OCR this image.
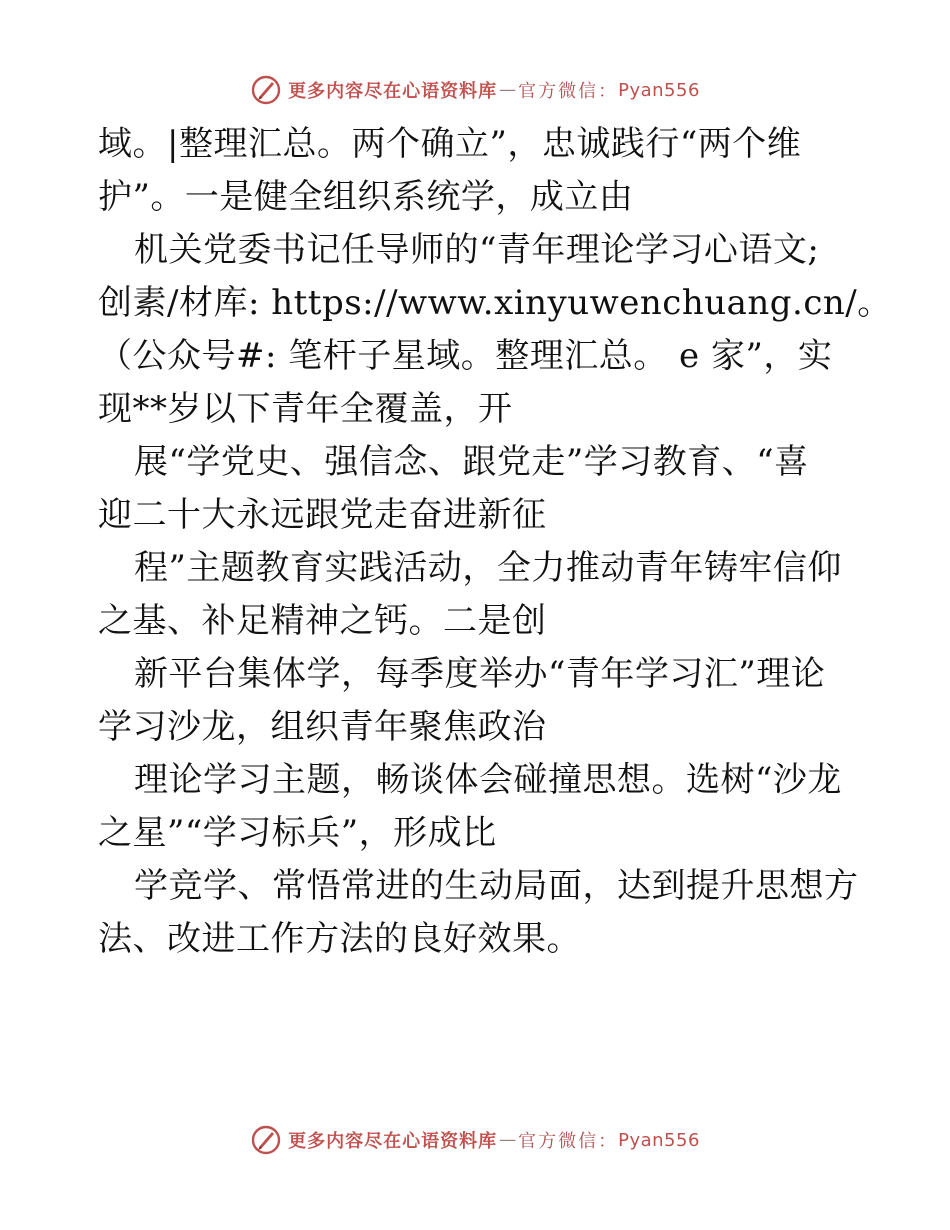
更多内容尽在心语资料库 — 官方微信： Pyan556
域。|整理汇总。两个确立”，忠诚践行“两个维
护”。一是健全组织系统学，成立由
机关党委书记任导师的“青年理论学习心语文;
创素/材库: https://www.xinyuwenchuang.cn/。
（公众号#: 笔杆子星域。整理汇总。 e 家”，实
现**岁以下青年全覆盖，开
展“学党史、强信念、跟党走”学习教育、“喜
迎二十大永远跟党走奋进新征
程”主题教育实践活动，全力推动青年铸牢信仰
之基、补足精神之钙。二是创
新平台集体学，每季度举办“青年学习汇”理论
学习沙龙，组织青年聚焦政治
理论学习主题，畅谈体会碰撞思想。选树“沙龙
之星”“学习标兵”，形成比
学竞学、常悟常进的生动局面，达到提升思想方
法、改进工作方法的良好效果。
更多内容尽在心语资料库 — 官方微信： Pyan556
